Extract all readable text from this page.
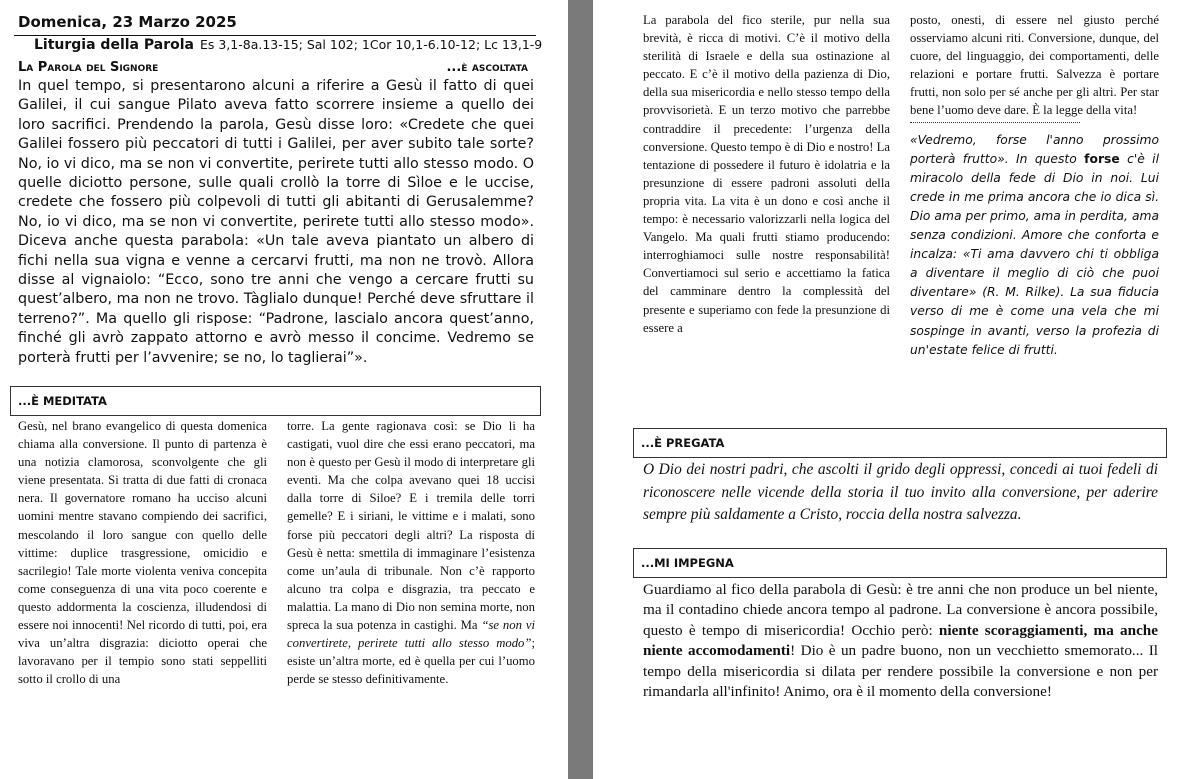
Domenica, 23 Marzo 2025
Liturgia della Parola Es 3,1-8a.13-15; Sal 102; 1Cor 10,1-6.10-12; Lc 13,1-9
La Parola del Signore	...è ascoltata

In quel tempo, si presentarono alcuni a riferire a Gesù il fatto di quei Galilei, il cui sangue Pilato aveva fatto scorrere insieme a quello dei loro sacrifici. Prendendo la parola, Gesù disse loro: «Credete che quei Galilei fossero più peccatori di tutti i Galilei, per aver subito tale sorte? No, io vi dico, ma se non vi convertite, perirete tutti allo stesso modo. O quelle diciotto persone, sulle quali crollò la torre di Sìloe e le uccise, credete che fossero più colpevoli di tutti gli abitanti di Gerusalemme? No, io vi dico, ma se non vi convertite, perirete tutti allo stesso modo». Diceva anche questa parabola: «Un tale aveva piantato un albero di fichi nella sua vigna e venne a cercarvi frutti, ma non ne trovò. Allora disse al vignaiolo: “Ecco, sono tre anni che vengo a cercare frutti su quest’albero, ma non ne trovo. Tàglialo dunque! Perché deve sfruttare il terreno?”. Ma quello gli rispose: “Padrone, lascialo ancora quest’anno, finché gli avrò zappato attorno e avrò messo il concime. Vedremo se porterà frutti per l’avvenire; se no, lo taglierai”».

...È MEDITATA

Gesù, nel brano evangelico di questa domenica chiama alla conversione. Il punto di partenza è una notizia clamorosa, sconvolgente che gli viene presentata. Si tratta di due fatti di cronaca nera. Il governatore romano ha ucciso alcuni uomini mentre stavano compiendo dei sacrifici, mescolando il loro sangue con quello delle vittime: duplice trasgressione, omicidio e sacrilegio! Tale morte violenta veniva concepita come conseguenza di una vita poco coerente e questo addormenta la coscienza, illudendosi di essere noi innocenti! Nel ricordo di tutti, poi, era viva un’altra disgrazia: diciotto operai che lavoravano per il tempio sono stati seppelliti sotto il crollo di una

torre. La gente ragionava così: se Dio li ha castigati, vuol dire che essi erano peccatori, ma non è questo per Gesù il modo di interpretare gli eventi. Ma che colpa avevano quei 18 uccisi dalla torre di Siloe? E i tremila delle torri gemelle? E i siriani, le vittime e i malati, sono forse più peccatori degli altri? La risposta di Gesù è netta: smettila di immaginare l’esistenza come un’aula di tribunale. Non c’è rapporto alcuno tra colpa e disgrazia, tra peccato e malattia. La mano di Dio non semina morte, non spreca la sua potenza in castighi. Ma “se non vi convertirete, perirete tutti allo stesso modo”; esiste un’altra morte, ed è quella per cui l’uomo perde se stesso definitivamente.

La parabola del fico sterile, pur nella sua brevità, è ricca di motivi. C’è il motivo della sterilità di Israele e della sua ostinazione al peccato. E c’è il motivo della pazienza di Dio, della sua misericordia e nello stesso tempo della provvisorietà. E un terzo motivo che parrebbe contraddire il precedente: l’urgenza della conversione. Questo tempo è di Dio e nostro! La tentazione di possedere il futuro è idolatria e la presunzione di essere padroni assoluti della propria vita. La vita è un dono e così anche il tempo: è necessario valorizzarli nella logica del Vangelo. Ma quali frutti stiamo producendo: interroghiamoci sulle nostre responsabilità! Convertiamoci sul serio e accettiamo la fatica del camminare dentro la complessità del presente e superiamo con fede la presunzione di essere a

posto, onesti, di essere nel giusto perché osserviamo alcuni riti. Conversione, dunque, del cuore, del linguaggio, dei comportamenti, delle relazioni e portare frutti. Salvezza è portare frutti, non solo per sé anche per gli altri. Per star bene l’uomo deve dare. È la legge della vita!

«Vedremo, forse l'anno prossimo porterà frutto». In questo forse c'è il miracolo della fede di Dio in noi. Lui crede in me prima ancora che io dica sì. Dio ama per primo, ama in perdita, ama senza condizioni. Amore che conforta e incalza: «Ti ama davvero chi ti obbliga a diventare il meglio di ciò che puoi diventare» (R. M. Rilke). La sua fiducia verso di me è come una vela che mi sospinge in avanti, verso la profezia di un'estate felice di frutti.

...È PREGATA

O Dio dei nostri padri, che ascolti il grido degli oppressi, concedi ai tuoi fedeli di riconoscere nelle vicende della storia il tuo invito alla conversione, per aderire sempre più saldamente a Cristo, roccia della nostra salvezza.

...MI IMPEGNA

Guardiamo al fico della parabola di Gesù: è tre anni che non produce un bel niente, ma il contadino chiede ancora tempo al padrone. La conversione è ancora possibile, questo è tempo di misericordia! Occhio però: niente scoraggiamenti, ma anche niente accomodamenti! Dio è un padre buono, non un vecchietto smemorato... Il tempo della misericordia si dilata per rendere possibile la conversione e non per rimandarla all'infinito! Animo, ora è il momento della conversione!
